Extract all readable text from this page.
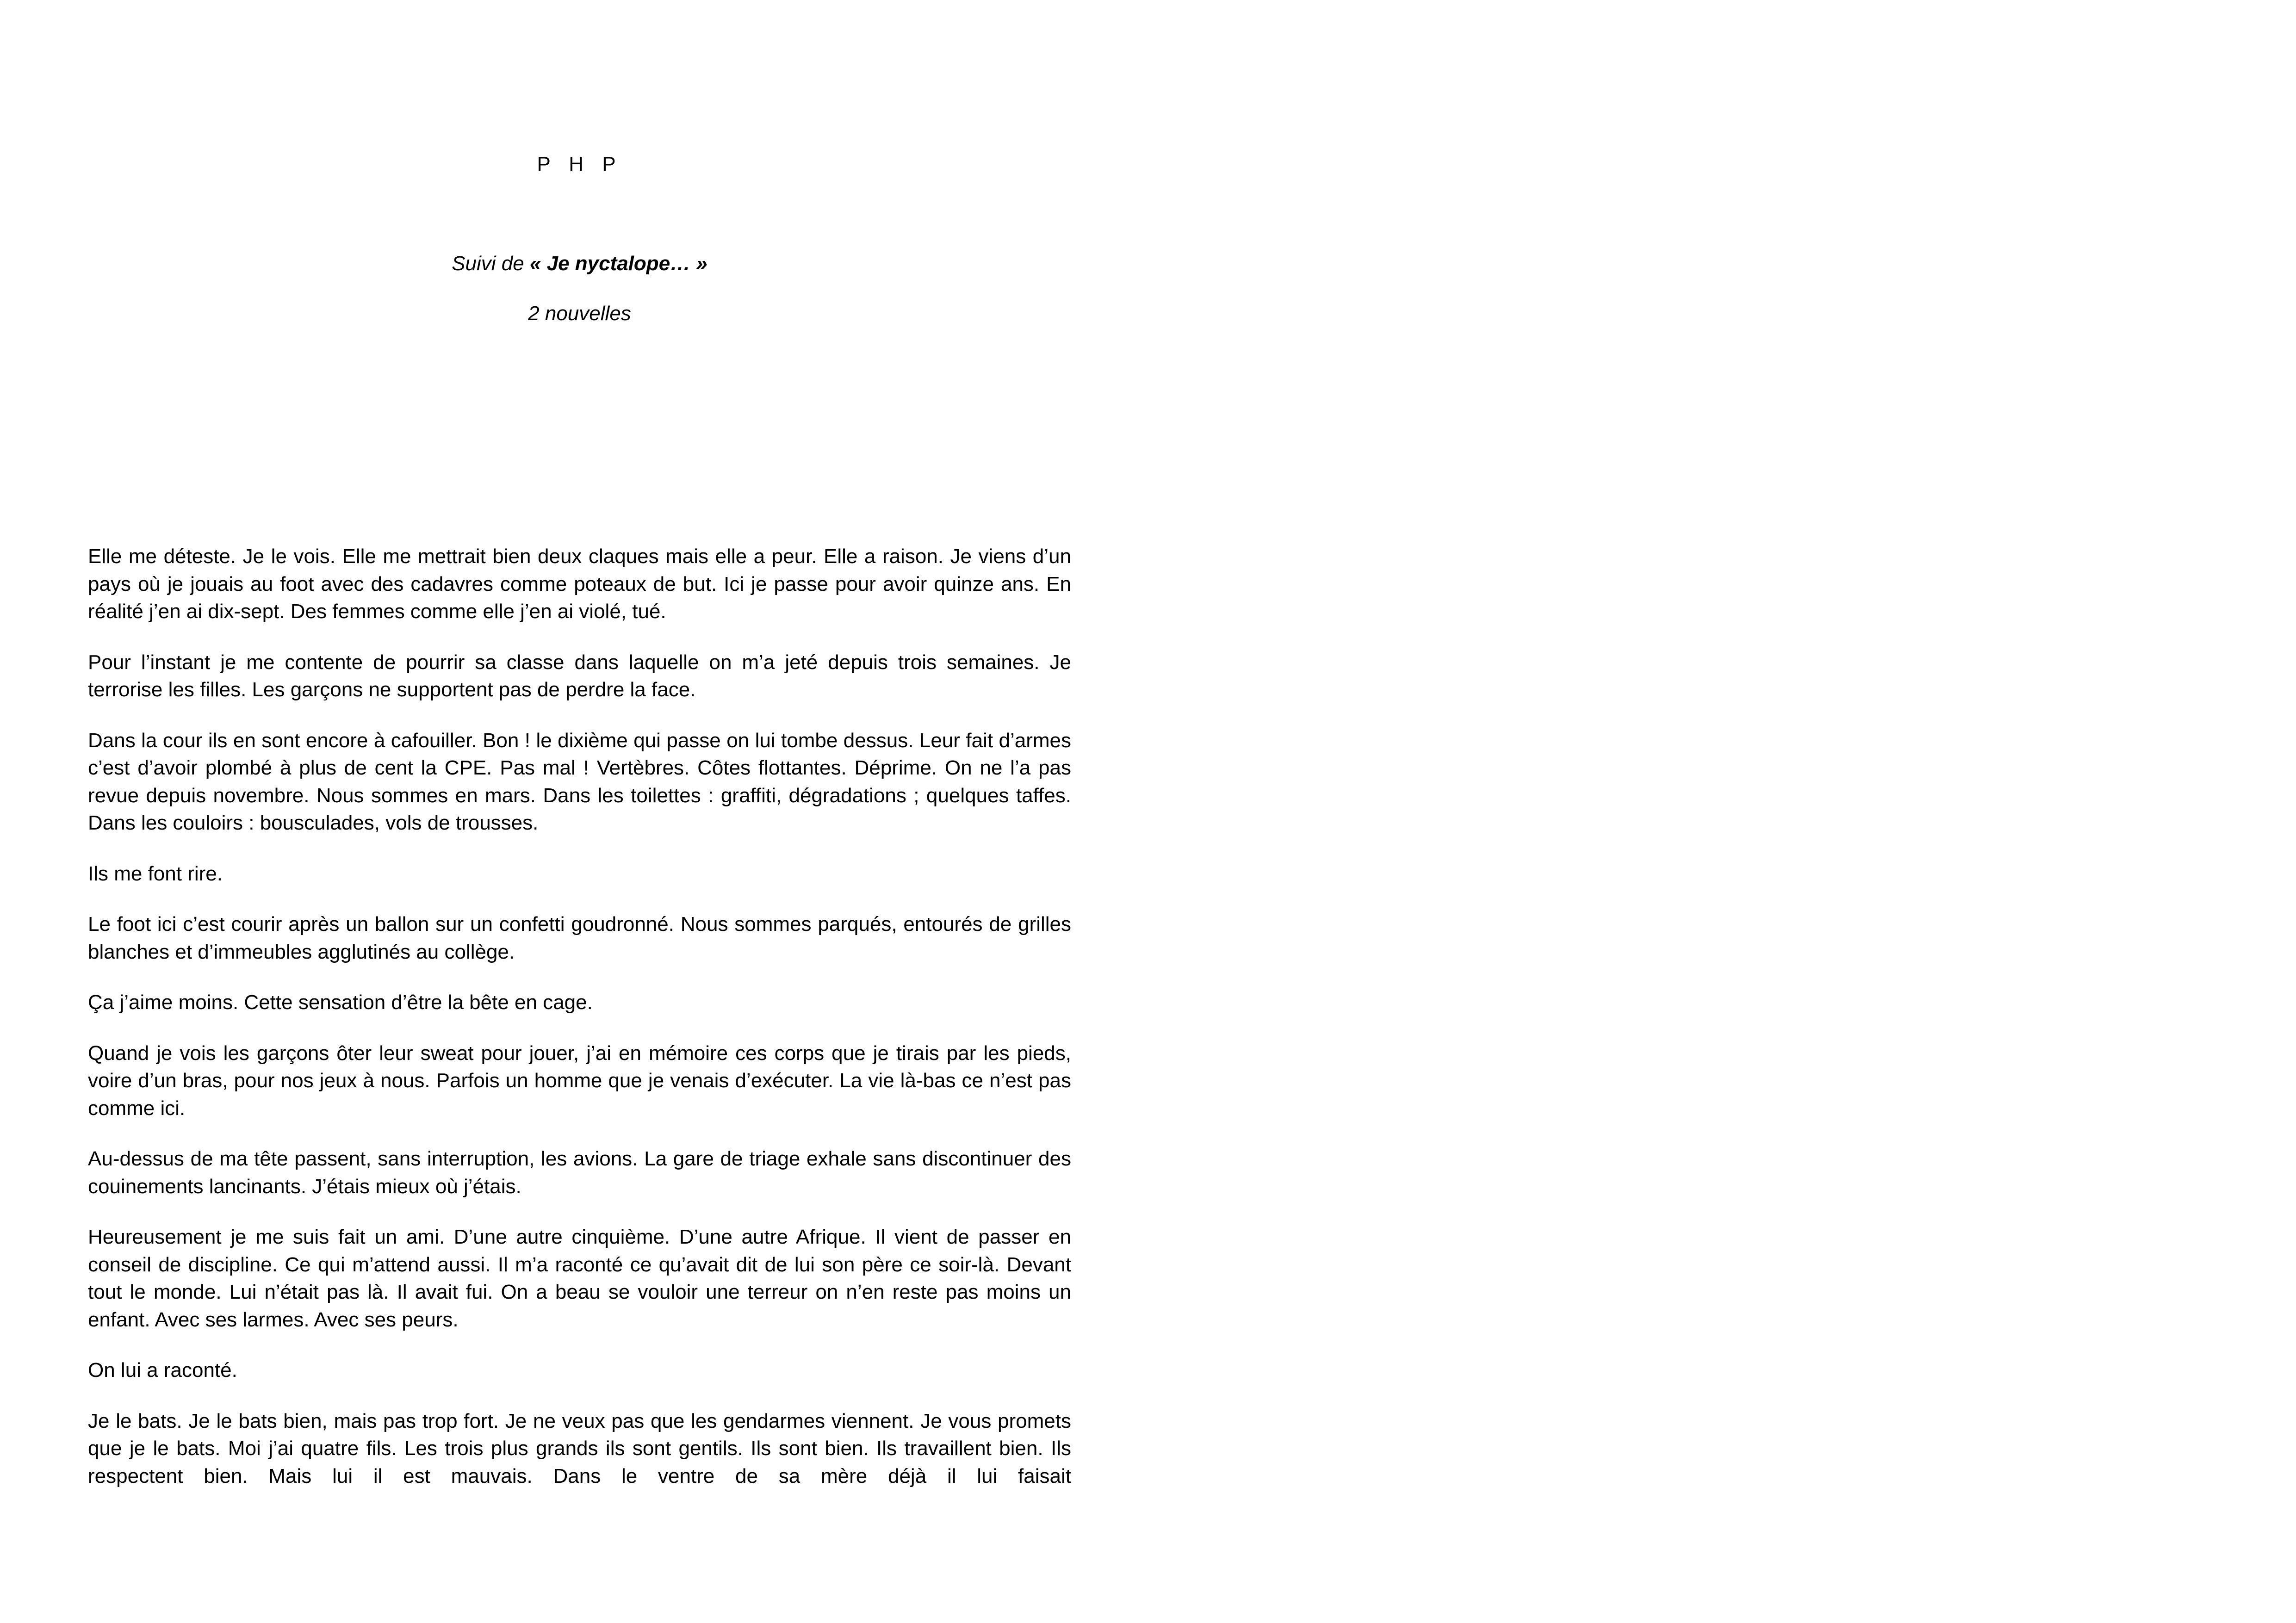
P H P
Suivi de « Je nyctalope… »
2 nouvelles

Elle me déteste. Je le vois. Elle me mettrait bien deux claques mais elle a peur. Elle a raison. Je viens d’un pays où je jouais au foot avec des cadavres comme poteaux de but. Ici je passe pour avoir quinze ans. En réalité j’en ai dix-sept. Des femmes comme elle j’en ai violé, tué.

Pour l’instant je me contente de pourrir sa classe dans laquelle on m’a jeté depuis trois semaines. Je terrorise les filles. Les garçons ne supportent pas de perdre la face.

Dans la cour ils en sont encore à cafouiller. Bon ! le dixième qui passe on lui tombe dessus. Leur fait d’armes c’est d’avoir plombé à plus de cent la CPE. Pas mal ! Vertèbres. Côtes flottantes. Déprime. On ne l’a pas revue depuis novembre. Nous sommes en mars. Dans les toilettes : graffiti, dégradations ; quelques taffes. Dans les couloirs : bousculades, vols de trousses.

Ils me font rire.

Le foot ici c’est courir après un ballon sur un confetti goudronné. Nous sommes parqués, entourés de grilles blanches et d’immeubles agglutinés au collège.

Ça j’aime moins. Cette sensation d’être la bête en cage.

Quand je vois les garçons ôter leur sweat pour jouer, j’ai en mémoire ces corps que je tirais par les pieds, voire d’un bras, pour nos jeux à nous. Parfois un homme que je venais d’exécuter. La vie là-bas ce n’est pas comme ici.

Au-dessus de ma tête passent, sans interruption, les avions. La gare de triage exhale sans discontinuer des couinements lancinants. J’étais mieux où j’étais.

Heureusement je me suis fait un ami. D’une autre cinquième. D’une autre Afrique. Il vient de passer en conseil de discipline. Ce qui m’attend aussi. Il m’a raconté ce qu’avait dit de lui son père ce soir-là. Devant tout le monde. Lui n’était pas là. Il avait fui. On a beau se vouloir une terreur on n’en reste pas moins un enfant. Avec ses larmes. Avec ses peurs.

On lui a raconté.

Je le bats. Je le bats bien, mais pas trop fort. Je ne veux pas que les gendarmes viennent. Je vous promets que je le bats. Moi j’ai quatre fils. Les trois plus grands ils sont gentils. Ils sont bien. Ils travaillent bien. Ils respectent bien. Mais lui il est mauvais. Dans le ventre de sa mère déjà il lui faisait
